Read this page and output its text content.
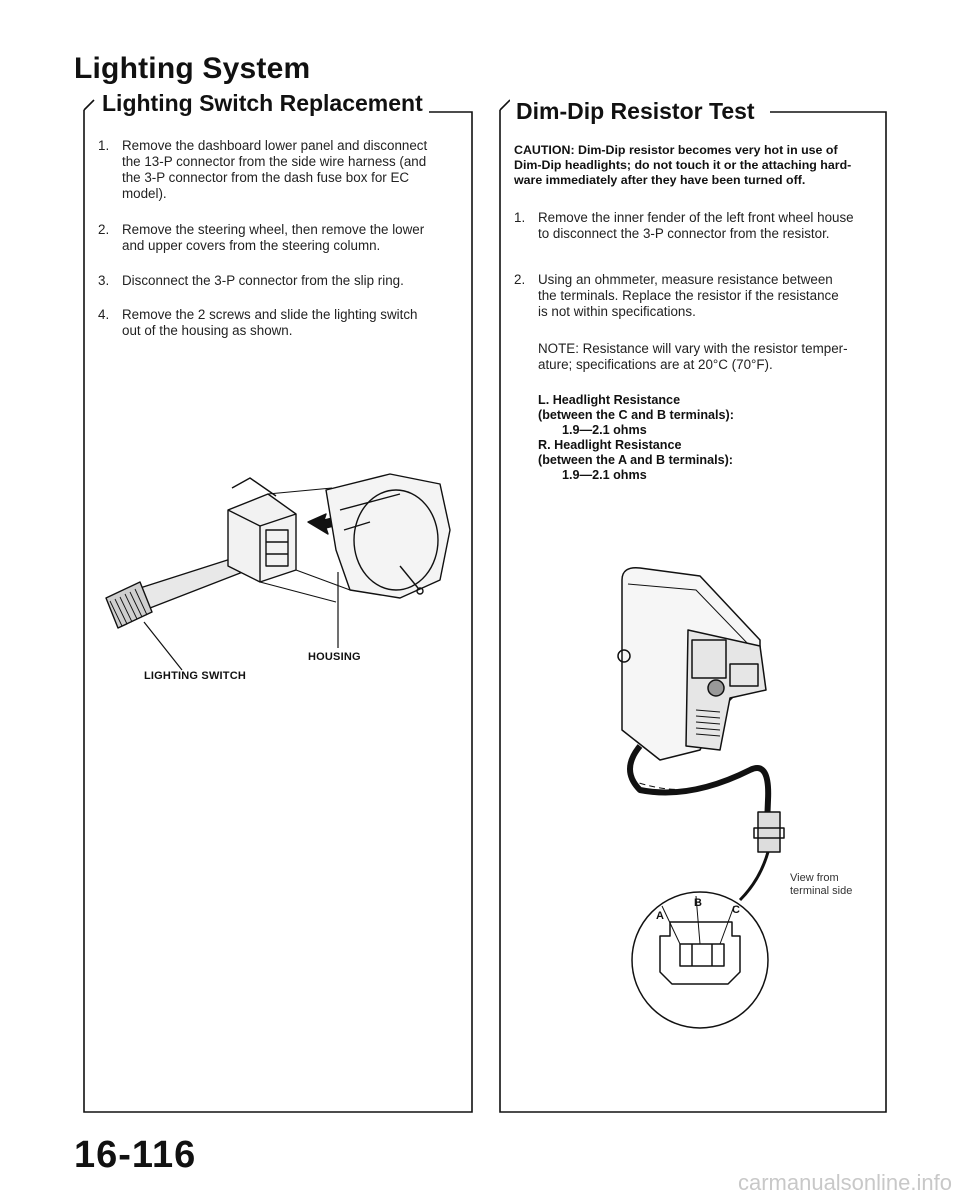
Lighting System
Lighting Switch Replacement	Dim-Dip Resistor Test
1. Remove the dashboard lower panel and disconnect
the 13-P connector from the side wire harness (and
the 3-P connector from the dash fuse box for EC
model).
2. Remove the steering wheel, then remove the lower
and upper covers from the steering column.
3. Disconnect the 3-P connector from the slip ring.
4. Remove the 2 screws and slide the lighting switch
out of the housing as shown.
HOUSING
LIGHTING SWITCH
CAUTION: Dim-Dip resistor becomes very hot in use of
Dim-Dip headlights; do not touch it or the attaching hard-
ware immediately after they have been turned off.
1. Remove the inner fender of the left front wheel house
to disconnect the 3-P connector from the resistor.
2. Using an ohmmeter, measure resistance between
the terminals. Replace the resistor if the resistance
is not within specifications.
NOTE: Resistance will vary with the resistor temper-
ature; specifications are at 20°C (70°F).
L. Headlight Resistance
(between the C and B terminals):
1.9—2.1 ohms
R. Headlight Resistance
(between the A and B terminals):
1.9—2.1 ohms
B
A	C
View from
terminal side
16-116
carmanualsonline.info
